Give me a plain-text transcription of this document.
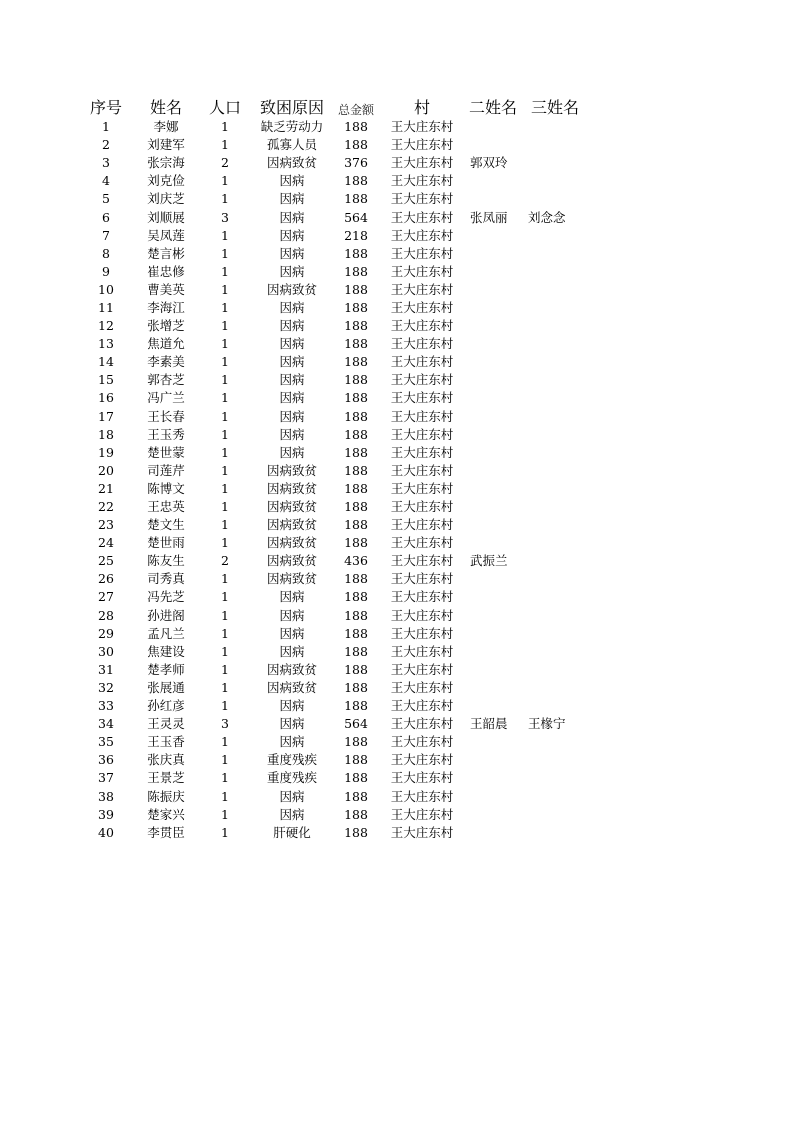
序号	姓名	人口	致困原因	总金额	村	二姓名	三姓名
1	李娜	1	缺乏劳动力	188	王大庄东村		
2	刘建军	1	孤寡人员	188	王大庄东村		
3	张宗海	2	因病致贫	376	王大庄东村	郭双玲	
4	刘克俭	1	因病	188	王大庄东村		
5	刘庆芝	1	因病	188	王大庄东村		
6	刘顺展	3	因病	564	王大庄东村	张凤丽	刘念念
7	吴凤莲	1	因病	218	王大庄东村		
8	楚言彬	1	因病	188	王大庄东村		
9	崔忠修	1	因病	188	王大庄东村		
10	曹美英	1	因病致贫	188	王大庄东村		
11	李海江	1	因病	188	王大庄东村		
12	张增芝	1	因病	188	王大庄东村		
13	焦道允	1	因病	188	王大庄东村		
14	李素美	1	因病	188	王大庄东村		
15	郭杏芝	1	因病	188	王大庄东村		
16	冯广兰	1	因病	188	王大庄东村		
17	王长春	1	因病	188	王大庄东村		
18	王玉秀	1	因病	188	王大庄东村		
19	楚世蒙	1	因病	188	王大庄东村		
20	司莲芹	1	因病致贫	188	王大庄东村		
21	陈博文	1	因病致贫	188	王大庄东村		
22	王忠英	1	因病致贫	188	王大庄东村		
23	楚文生	1	因病致贫	188	王大庄东村		
24	楚世雨	1	因病致贫	188	王大庄东村		
25	陈友生	2	因病致贫	436	王大庄东村	武振兰	
26	司秀真	1	因病致贫	188	王大庄东村		
27	冯先芝	1	因病	188	王大庄东村		
28	孙进阁	1	因病	188	王大庄东村		
29	孟凡兰	1	因病	188	王大庄东村		
30	焦建设	1	因病	188	王大庄东村		
31	楚孝师	1	因病致贫	188	王大庄东村		
32	张展通	1	因病致贫	188	王大庄东村		
33	孙红彦	1	因病	188	王大庄东村		
34	王灵灵	3	因病	564	王大庄东村	王韶晨	王椽宁
35	王玉香	1	因病	188	王大庄东村		
36	张庆真	1	重度残疾	188	王大庄东村		
37	王景芝	1	重度残疾	188	王大庄东村		
38	陈振庆	1	因病	188	王大庄东村		
39	楚家兴	1	因病	188	王大庄东村		
40	李贯臣	1	肝硬化	188	王大庄东村		
